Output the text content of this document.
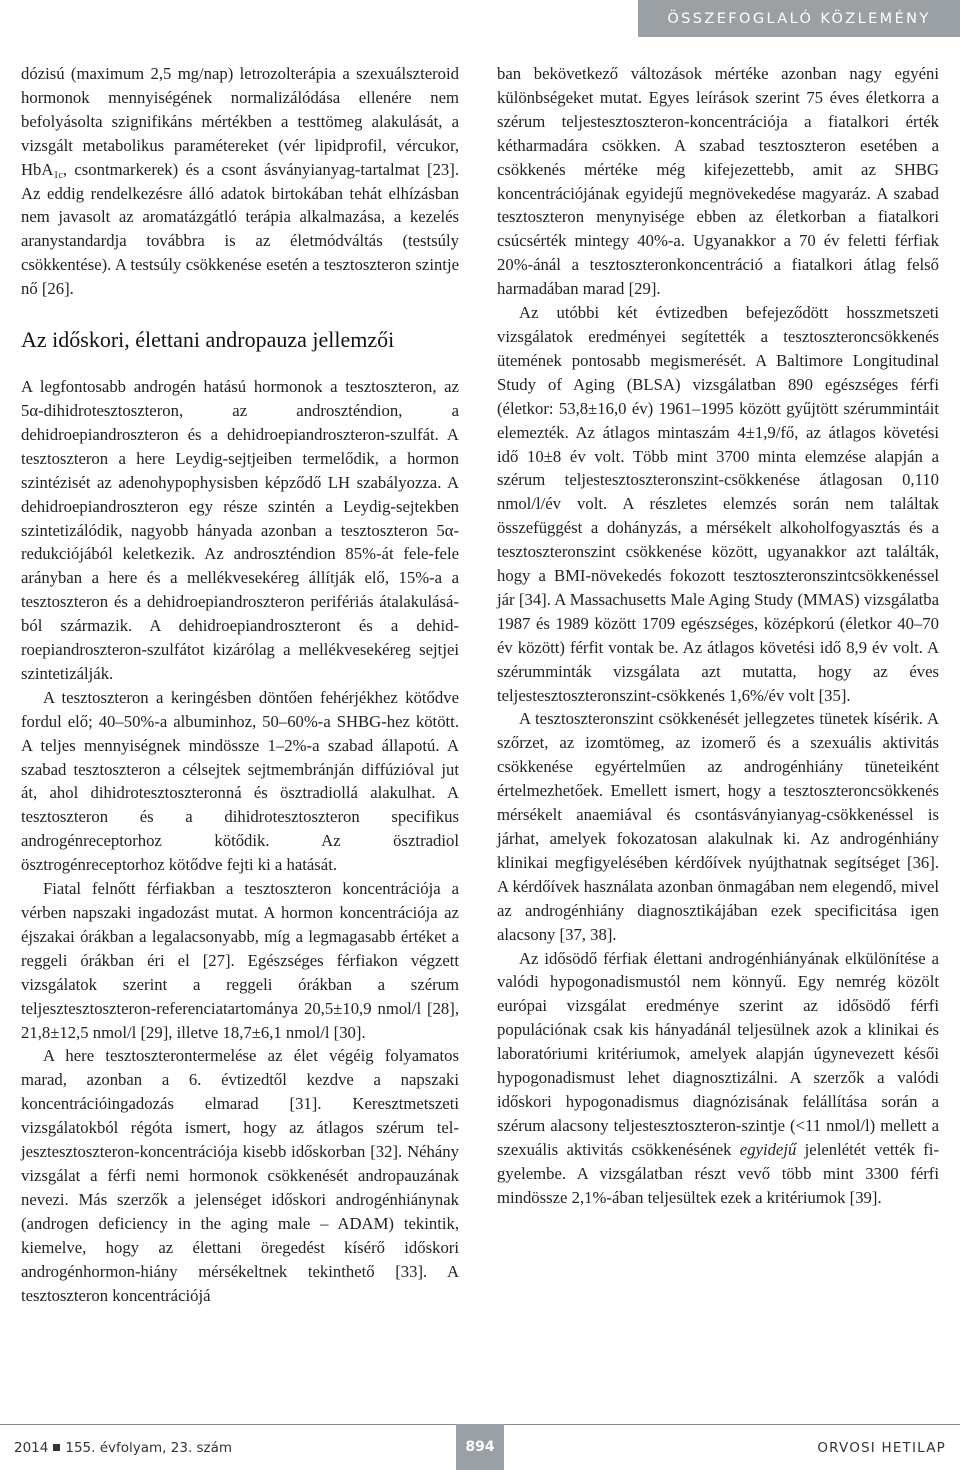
ÖSSZEFOGLALÓ KÖZLEMÉNY

dózisú (maximum 2,5 mg/nap) letrozolterápia a szexuálszteroid hormonok mennyiségének normalizálódása ellenére nem befolyásolta szignifikáns mértékben a testtömeg alakulását, a vizsgált metabolikus paramétereket (vér lipidprofil, vércukor, HbA$_{1c}$, csontmarkerek) és a csont ásványianyag-tartalmat [23]. Az eddig rendelkezésre álló adatok birtokában tehát elhízásban nem javasolt az aromatázgátló terápia alkalmazása, a kezelés aranystandardja továbbra is az életmódváltás (testsúly csökkentése). A testsúly csökkenése esetén a tesztoszteron szintje nő [26].

Az időskori, élettani andropauza jellemzői

A legfontosabb androgén hatású hormonok a tesztoszteron, az 5α-dihidrotesztoszteron, az androszténdion, a dehidroepiandroszteron és a dehidroepiandroszteron-szulfát. A tesztoszteron a here Leydig-sejtjeiben termelődik, a hormon szintézisét az adenohypophysisben képződő LH szabályozza. A dehidroepiandroszteron egy része szintén a Leydig-sejtekben szintetizálódik, nagyobb hányada azonban a tesztoszteron 5α-redukciójából keletkezik. Az androszténdion 85%-át fele-fele arányban a here és a mellékvesekéreg állítják elő, 15%-a a tesztoszteron és a dehidroepiandroszteron perifériás átalakulásából származik. A dehidroepiandroszteront és a dehidroepiandroszteron-szulfátot kizárólag a mellékvesekéreg sejtjei szintetizálják.

A tesztoszteron a keringésben döntően fehérjékhez kötődve fordul elő; 40–50%-a albuminhoz, 50–60%-a SHBG-hez kötött. A teljes mennyiségnek mindössze 1–2%-a szabad állapotú. A szabad tesztoszteron a célsejtek sejtmembránján diffúzióval jut át, ahol dihidrotesztoszteronná és ösztradiollá alakulhat. A tesztoszteron és a dihidrotesztoszteron specifikus androgénreceptorhoz kötődik. Az ösztradiol ösztrogénreceptorhoz kötődve fejti ki a hatását.

Fiatal felnőtt férfiakban a tesztoszteron koncentrációja a vérben napszaki ingadozást mutat. A hormon koncentrációja az éjszakai órákban a legalacsonyabb, míg a legmagasabb értéket a reggeli órákban éri el [27]. Egészséges férfiakon végzett vizsgálatok szerint a reggeli órákban a szérum teljesztesztoszteron-referenciatartománya 20,5±10,9 nmol/l [28], 21,8±12,5 nmol/l [29], illetve 18,7±6,1 nmol/l [30].

A here tesztoszterontermelése az élet végéig folyamatos marad, azonban a 6. évtizedtől kezdve a napszaki koncentrációingadozás elmarad [31]. Keresztmetszeti vizsgálatokból régóta ismert, hogy az átlagos szérum teljesztesztoszteron-koncentrációja kisebb időskorban [32]. Néhány vizsgálat a férfi nemi hormonok csökkenését andropauzának nevezi. Más szerzők a jelenséget időskori androgénhiánynak (androgen deficiency in the aging male – ADAM) tekintik, kiemelve, hogy az élettani öregedést kísérő időskori androgénhormon-hiány mérsékeltnek tekinthető [33]. A tesztoszteron koncentrációjá

ban bekövetkező változások mértéke azonban nagy egyéni különbségeket mutat. Egyes leírások szerint 75 éves életkorra a szérum teljestesztoszteron-koncentrációja a fiatalkori érték kétharmadára csökken. A szabad tesztoszteron esetében a csökkenés mértéke még kifejezettebb, amit az SHBG koncentrációjának egyidejű megnövekedése magyaráz. A szabad tesztoszteron menynyisége ebben az életkorban a fiatalkori csúcsérték mintegy 40%-a. Ugyanakkor a 70 év feletti férfiak 20%-ánál a tesztoszteronkoncentráció a fiatalkori átlag felső harmadában marad [29].

Az utóbbi két évtizedben befejeződött hosszmetszeti vizsgálatok eredményei segítették a tesztoszteroncsökkenés ütemének pontosabb megismerését. A Baltimore Longitudinal Study of Aging (BLSA) vizsgálatban 890 egészséges férfi (életkor: 53,8±16,0 év) 1961–1995 között gyűjtött szérummintáit elemezték. Az átlagos mintaszám 4±1,9/fő, az átlagos követési idő 10±8 év volt. Több mint 3700 minta elemzése alapján a szérum teljestesztoszteronszint-csökkenése átlagosan 0,110 nmol/l/év volt. A részletes elemzés során nem találtak összefüggést a dohányzás, a mérsékelt alkoholfogyasztás és a tesztoszteronszint csökkenése között, ugyanakkor azt találták, hogy a BMI-növekedés fokozott tesztoszteronszintcsökkenéssel jár [34]. A Massachusetts Male Aging Study (MMAS) vizsgálatba 1987 és 1989 között 1709 egészséges, középkorú (életkor 40–70 év között) férfit vontak be. Az átlagos követési idő 8,9 év volt. A szérumminták vizsgálata azt mutatta, hogy az éves teljestesztoszteronszint-csökkenés 1,6%/év volt [35].

A tesztoszteronszint csökkenését jellegzetes tünetek kísérik. A szőrzet, az izomtömeg, az izomerő és a szexuális aktivitás csökkenése egyértelműen az androgénhiány tüneteiként értelmezhetőek. Emellett ismert, hogy a tesztoszteroncsökkenés mérsékelt anaemiával és csontásványianyag-csökkenéssel is járhat, amelyek fokozatosan alakulnak ki. Az androgénhiány klinikai megfigyelésében kérdőívek nyújthatnak segítséget [36]. A kérdőívek használata azonban önmagában nem elegendő, mivel az androgénhiány diagnosztikájában ezek specificitása igen alacsony [37, 38].

Az idősödő férfiak élettani androgénhiányának elkülönítése a valódi hypogonadismustól nem könnyű. Egy nemrég közölt európai vizsgálat eredménye szerint az idősödő férfi populációnak csak kis hányadánál teljesülnek azok a klinikai és laboratóriumi kritériumok, amelyek alapján úgynevezett késői hypogonadismust lehet diagnosztizálni. A szerzők a valódi időskori hypogonadismus diagnózisának felállítása során a szérum alacsony teljestesztoszteron-szintje (<11 nmol/l) mellett a szexuális aktivitás csökkenésének egyidejű jelenlétét vették figyelembe. A vizsgálatban részt vevő több mint 3300 férfi mindössze 2,1%-ában teljesültek ezek a kritériumok [39].

2014 155. évfolyam, 23. szám	894	ORVOSI HETILAP
